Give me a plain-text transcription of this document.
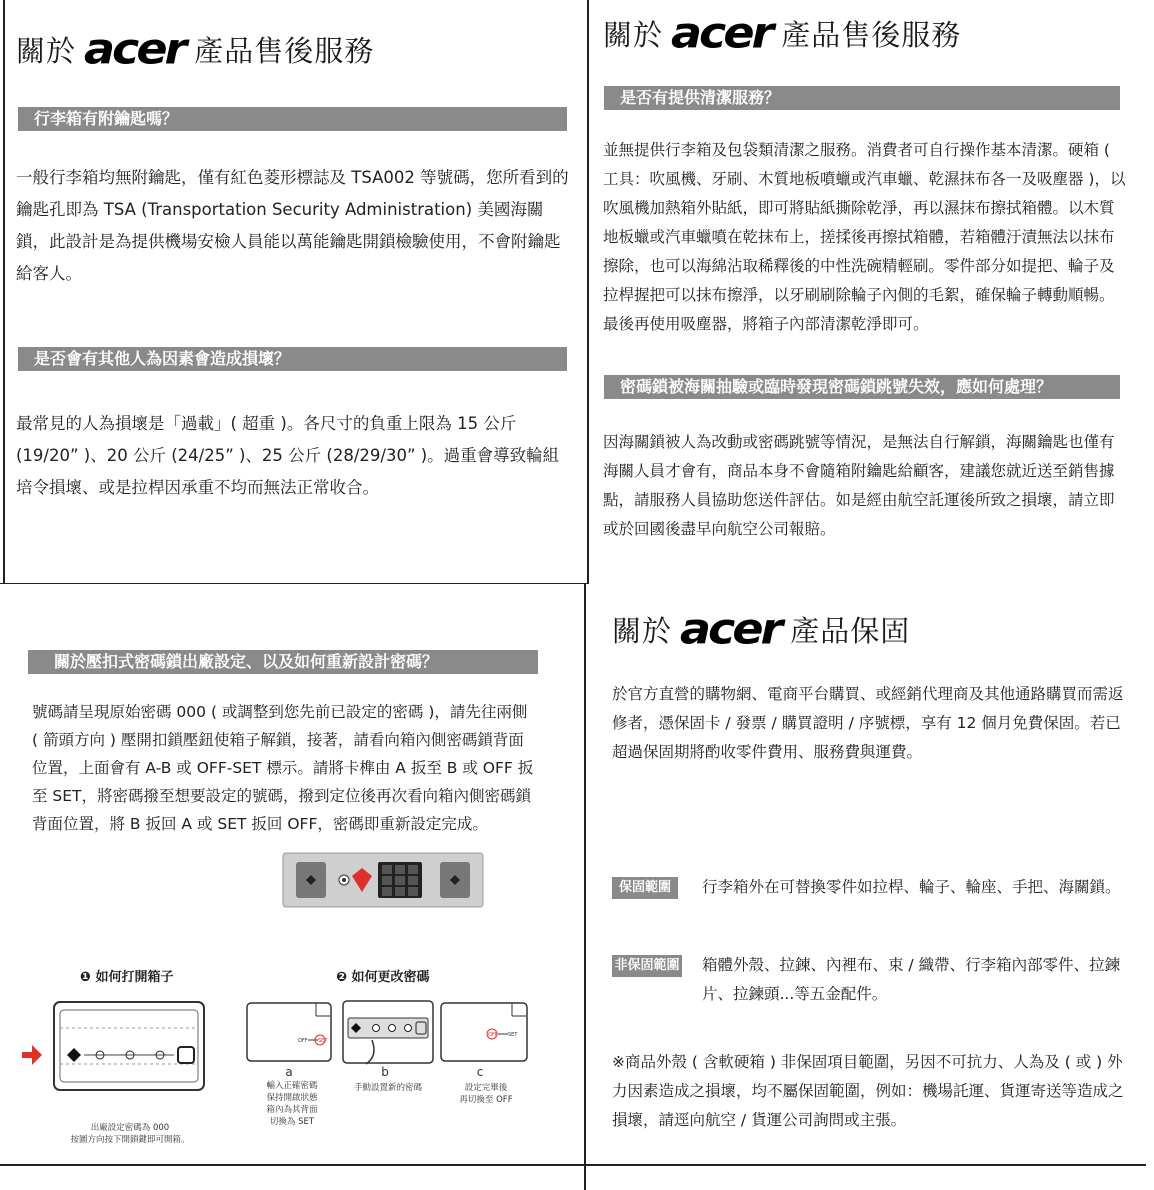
關於 acer 產品售後服務
行李箱有附鑰匙嗎？
一般行李箱均無附鑰匙，僅有紅色菱形標誌及 TSA002 等號碼，您所看到的鑰匙孔即為 TSA (Transportation Security Administration) 美國海關鎖，此設計是為提供機場安檢人員能以萬能鑰匙開鎖檢驗使用，不會附鑰匙給客人。
是否會有其他人為因素會造成損壞？
最常見的人為損壞是「過載」( 超重 )。各尺寸的負重上限為 15 公斤 (19/20” )、20 公斤 (24/25” )、25 公斤 (28/29/30” )。過重會導致輪組培令損壞、或是拉桿因承重不均而無法正常收合。
關於 acer 產品售後服務
是否有提供清潔服務？
並無提供行李箱及包袋類清潔之服務。消費者可自行操作基本清潔。硬箱 ( 工具：吹風機、牙刷、木質地板噴蠟或汽車蠟、乾濕抹布各一及吸塵器 )，以吹風機加熱箱外貼紙，即可將貼紙撕除乾淨，再以濕抹布擦拭箱體。以木質地板蠟或汽車蠟噴在乾抹布上，搓揉後再擦拭箱體，若箱體汙漬無法以抹布擦除，也可以海綿沾取稀釋後的中性洗碗精輕刷。零件部分如提把、輪子及拉桿握把可以抹布擦淨，以牙刷刷除輪子內側的毛絮，確保輪子轉動順暢。最後再使用吸塵器，將箱子內部清潔乾淨即可。
密碼鎖被海關抽驗或臨時發現密碼鎖跳號失效，應如何處理？
因海關鎖被人為改動或密碼跳號等情況，是無法自行解鎖，海關鑰匙也僅有海關人員才會有，商品本身不會隨箱附鑰匙給顧客，建議您就近送至銷售據點，請服務人員協助您送件評估。如是經由航空託運後所致之損壞，請立即或於回國後盡早向航空公司報賠。
關於壓扣式密碼鎖出廠設定、以及如何重新設計密碼？
號碼請呈現原始密碼 000 ( 或調整到您先前已設定的密碼 )，請先往兩側 ( 箭頭方向 ) 壓開扣鎖壓鈕使箱子解鎖，接著，請看向箱內側密碼鎖背面位置，上面會有 A-B 或 OFF-SET 標示。請將卡榫由 A 扳至 B 或 OFF 扳至 SET，將密碼撥至想要設定的號碼，撥到定位後再次看向箱內側密碼鎖背面位置，將 B 扳回 A 或 SET 扳回 OFF，密碼即重新設定完成。
❶ 如何打開箱子	❷ 如何更改密碼
出廠設定密碼為 000
按圖方向按下開鎖鍵即可開箱。
OFF SET
a
輸入正確密碼
保持開啟狀態
箱內為其背面
切換為 SET
b
手動設置新的密碼
OFF SET
c
設定完畢後
再切換至 OFF
關於 acer 產品保固
於官方直營的購物網、電商平台購買、或經銷代理商及其他通路購買而需返修者，憑保固卡 / 發票 / 購買證明 / 序號標，享有 12 個月免費保固。若已超過保固期將酌收零件費用、服務費與運費。
保固範圍	行李箱外在可替換零件如拉桿、輪子、輪座、手把、海關鎖。
非保固範圍 箱體外殼、拉鍊、內裡布、束 / 織帶、行李箱內部零件、拉鍊片、拉鍊頭...等五金配件。
※商品外殼 ( 含軟硬箱 ) 非保固項目範圍，另因不可抗力、人為及 ( 或 ) 外力因素造成之損壞，均不屬保固範圍，例如：機場託運、貨運寄送等造成之損壞，請逕向航空 / 貨運公司詢問或主張。
